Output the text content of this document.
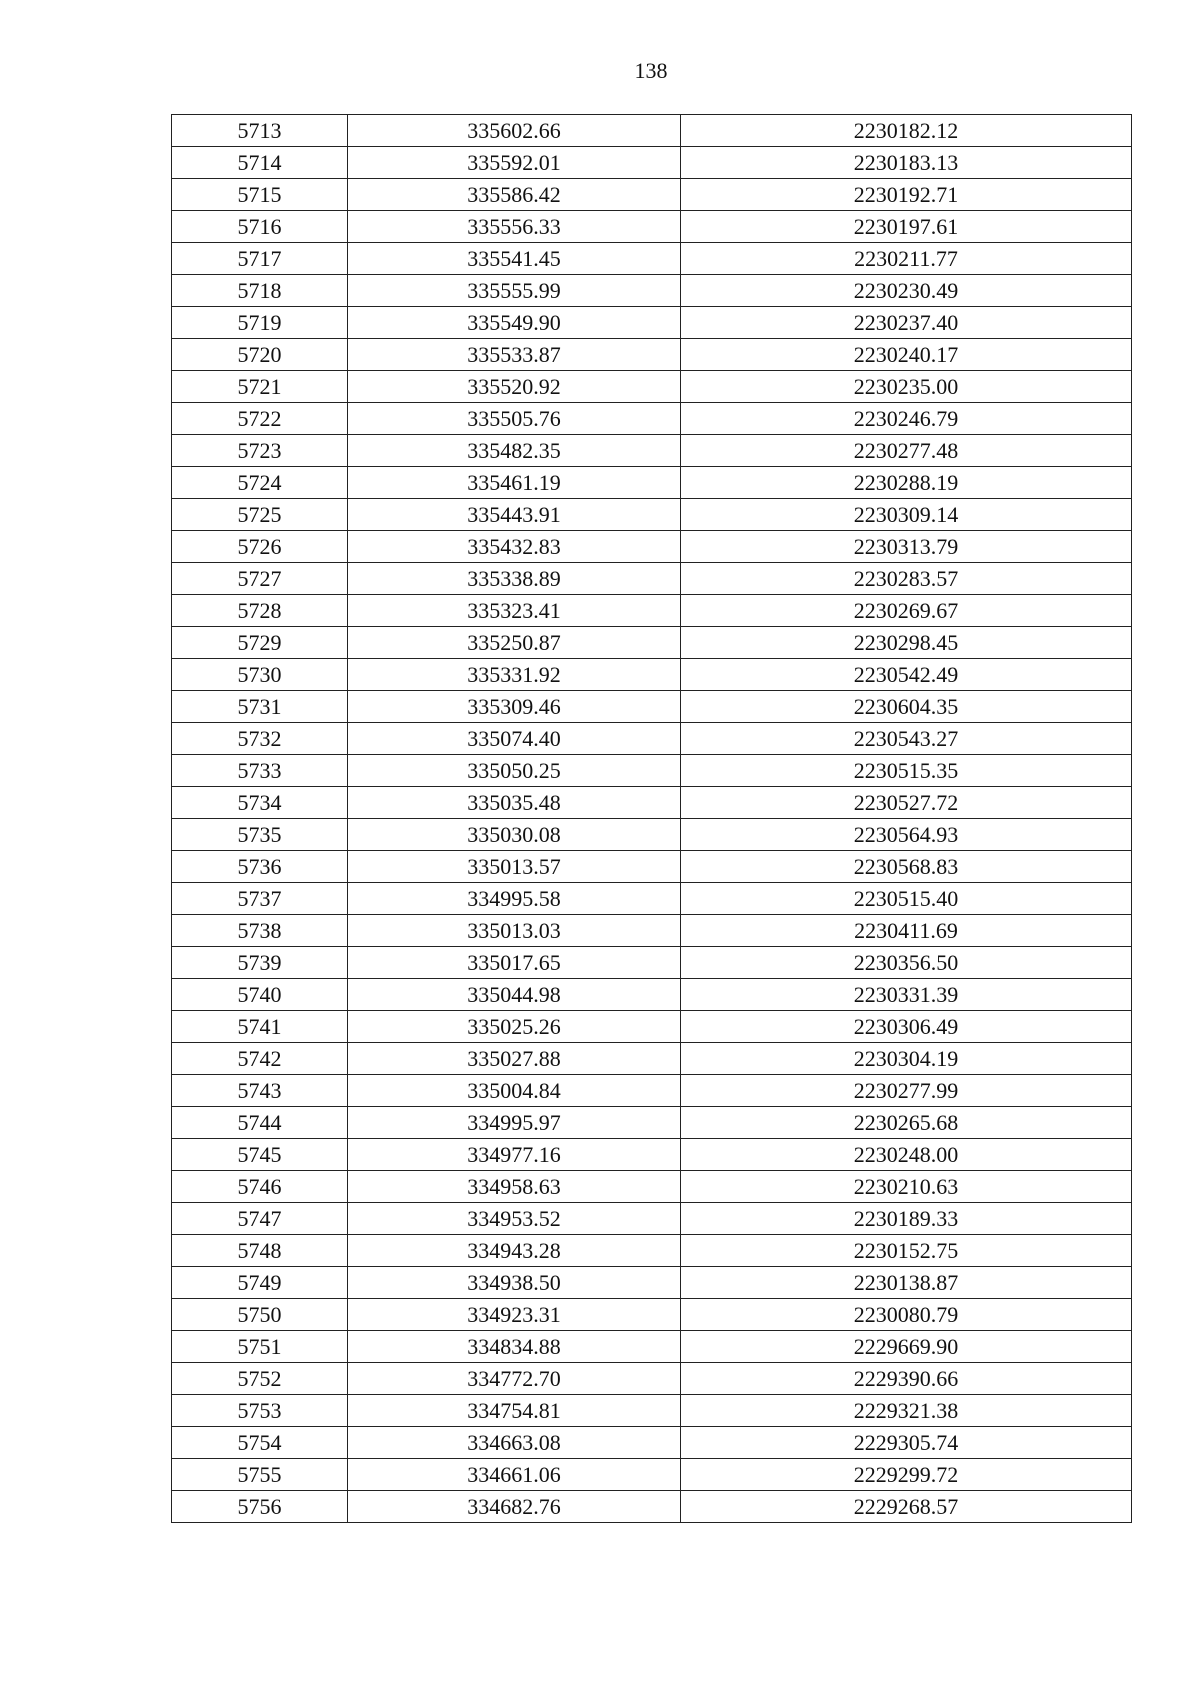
138
5713	335602.66	2230182.12
5714	335592.01	2230183.13
5715	335586.42	2230192.71
5716	335556.33	2230197.61
5717	335541.45	2230211.77
5718	335555.99	2230230.49
5719	335549.90	2230237.40
5720	335533.87	2230240.17
5721	335520.92	2230235.00
5722	335505.76	2230246.79
5723	335482.35	2230277.48
5724	335461.19	2230288.19
5725	335443.91	2230309.14
5726	335432.83	2230313.79
5727	335338.89	2230283.57
5728	335323.41	2230269.67
5729	335250.87	2230298.45
5730	335331.92	2230542.49
5731	335309.46	2230604.35
5732	335074.40	2230543.27
5733	335050.25	2230515.35
5734	335035.48	2230527.72
5735	335030.08	2230564.93
5736	335013.57	2230568.83
5737	334995.58	2230515.40
5738	335013.03	2230411.69
5739	335017.65	2230356.50
5740	335044.98	2230331.39
5741	335025.26	2230306.49
5742	335027.88	2230304.19
5743	335004.84	2230277.99
5744	334995.97	2230265.68
5745	334977.16	2230248.00
5746	334958.63	2230210.63
5747	334953.52	2230189.33
5748	334943.28	2230152.75
5749	334938.50	2230138.87
5750	334923.31	2230080.79
5751	334834.88	2229669.90
5752	334772.70	2229390.66
5753	334754.81	2229321.38
5754	334663.08	2229305.74
5755	334661.06	2229299.72
5756	334682.76	2229268.57
